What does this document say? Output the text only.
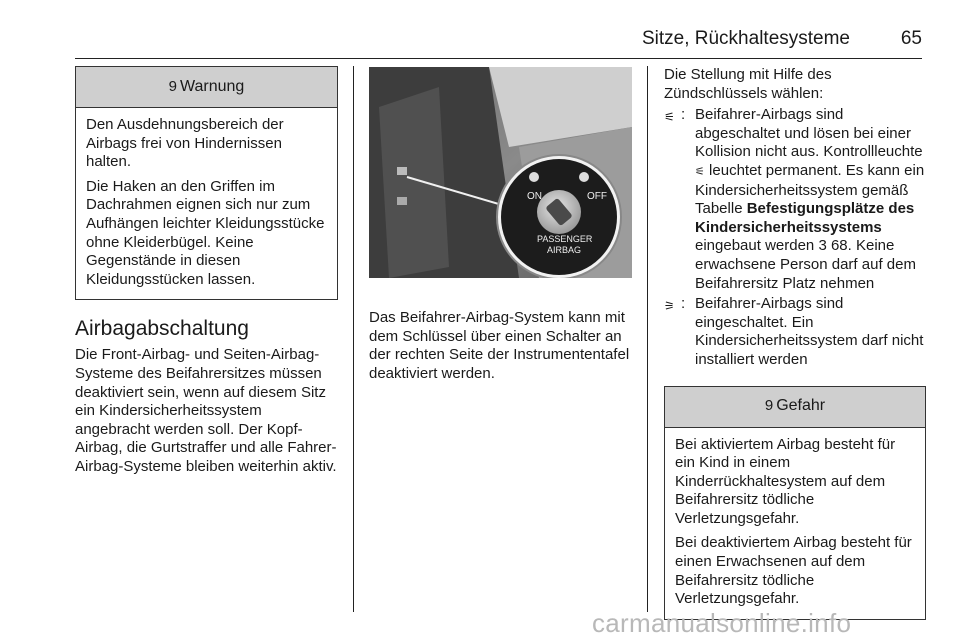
Sitze, Rückhaltesysteme	65
9 Warnung

Den Ausdehnungsbereich der Airbags frei von Hindernissen halten.

Die Haken an den Griffen im Dachrahmen eignen sich nur zum Aufhängen leichter Kleidungsstücke ohne Kleiderbügel. Keine Gegenstände in diesen Kleidungsstücken lassen.

Airbagabschaltung

Die Front-Airbag- und Seiten-Airbag-Systeme des Beifahrersitzes müssen deaktiviert sein, wenn auf diesem Sitz ein Kindersicherheitssystem angebracht werden soll. Der Kopf-Airbag, die Gurtstraffer und alle Fahrer-Airbag-Systeme bleiben weiterhin aktiv.

ON	OFF
PASSENGER
AIRBAG

Das Beifahrer-Airbag-System kann mit dem Schlüssel über einen Schalter an der rechten Seite der Instrumententafel deaktiviert werden.

Die Stellung mit Hilfe des Zündschlüssels wählen:

⚟ : Beifahrer-Airbags sind abgeschaltet und lösen bei einer Kollision nicht aus. Kontrollleuchte ⚟ leuchtet permanent. Es kann ein Kindersicherheitssystem gemäß Tabelle Befestigungsplätze des Kindersicherheitssystems eingebaut werden 3 68. Keine erwachsene Person darf auf dem Beifahrersitz Platz nehmen
⚞ : Beifahrer-Airbags sind eingeschaltet. Ein Kindersicherheitssystem darf nicht installiert werden
9 Gefahr

Bei aktiviertem Airbag besteht für ein Kind in einem Kinderrückhaltesystem auf dem Beifahrersitz tödliche Verletzungsgefahr.

Bei deaktiviertem Airbag besteht für einen Erwachsenen auf dem Beifahrersitz tödliche Verletzungsgefahr.

carmanualsonline.info
